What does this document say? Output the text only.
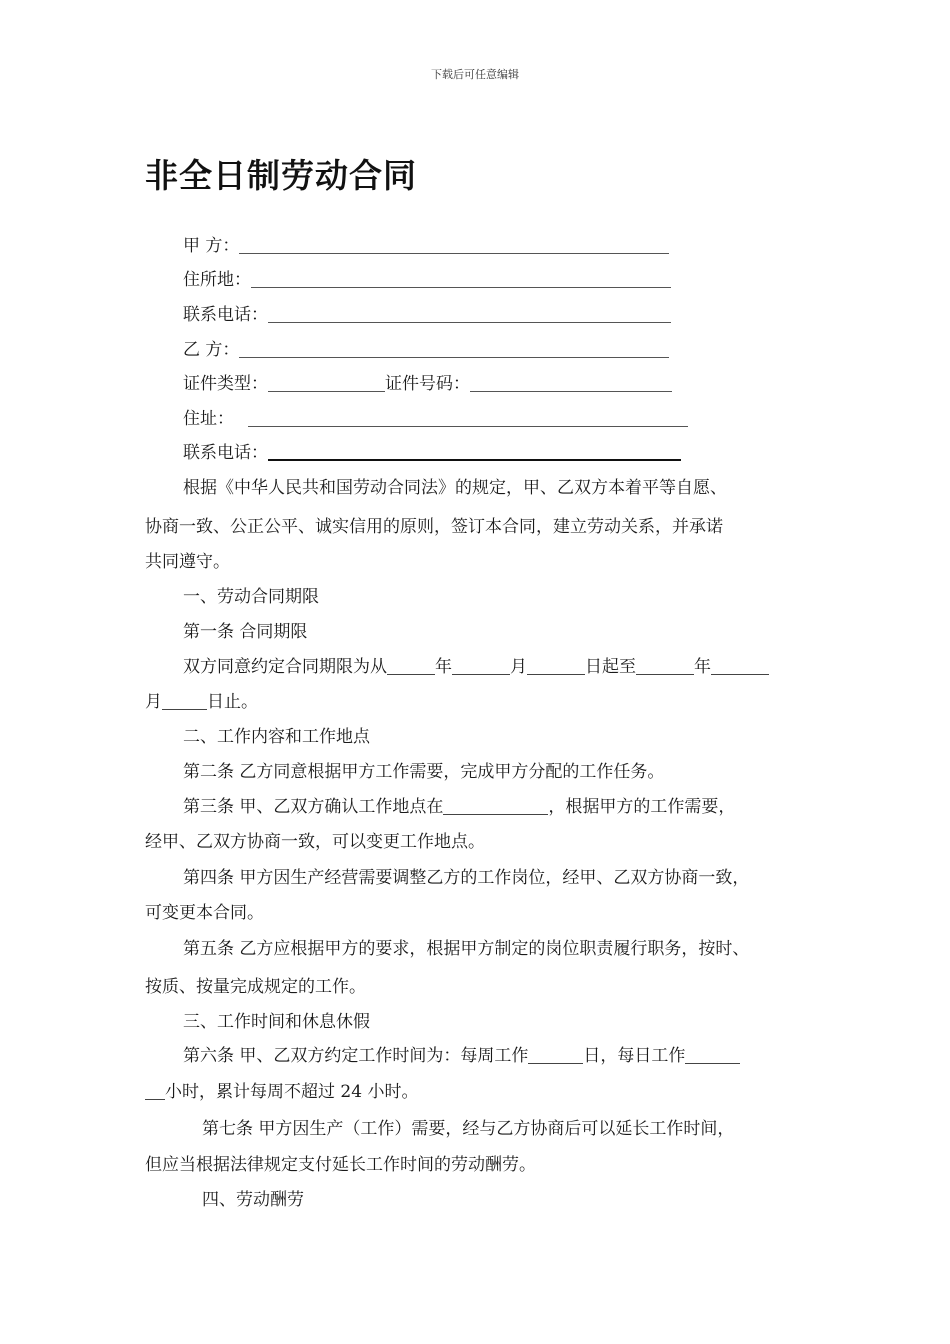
下载后可任意编辑
非全日制劳动合同
甲 方：
住所地：
联系电话：
乙 方：
证件类型：	证件号码：
住址：
联系电话：
根据《中华人民共和国劳动合同法》的规定，甲、乙双方本着平等自愿、
协商一致、公正公平、诚实信用的原则，签订本合同，建立劳动关系，并承诺
共同遵守。
一、劳动合同期限
第一条 合同期限
双方同意约定合同期限为从	年	月	日起至	年
月	日止。
二、工作内容和工作地点
第二条 乙方同意根据甲方工作需要，完成甲方分配的工作任务。
第三条 甲、乙双方确认工作地点在	，根据甲方的工作需要，
经甲、乙双方协商一致，可以变更工作地点。
第四条 甲方因生产经营需要调整乙方的工作岗位，经甲、乙双方协商一致，
可变更本合同。
第五条 乙方应根据甲方的要求，根据甲方制定的岗位职责履行职务，按时、
按质、按量完成规定的工作。
三、工作时间和休息休假
第六条 甲、乙双方约定工作时间为：每周工作	日，每日工作
小时，累计每周不超过 24 小时。
第七条 甲方因生产（工作）需要，经与乙方协商后可以延长工作时间，
但应当根据法律规定支付延长工作时间的劳动酬劳。
四、劳动酬劳
